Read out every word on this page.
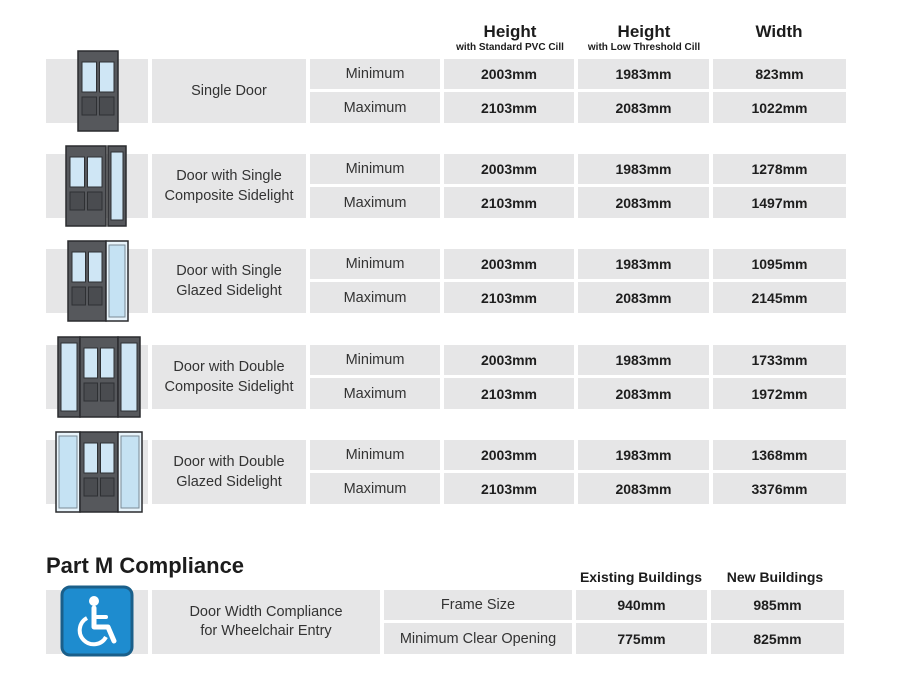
Height
with Standard PVC Cill
Height
with Low Threshold Cill
Width
Single Door
Minimum	2003mm	1983mm	823mm
Maximum	2103mm	2083mm	1022mm
Door with Single
Composite Sidelight
Minimum	2003mm	1983mm	1278mm
Maximum	2103mm	2083mm	1497mm
Door with Single
Glazed Sidelight
Minimum	2003mm	1983mm	1095mm
Maximum	2103mm	2083mm	2145mm
Door with Double
Composite Sidelight
Minimum	2003mm	1983mm	1733mm
Maximum	2103mm	2083mm	1972mm
Door with Double
Glazed Sidelight
Minimum	2003mm	1983mm	1368mm
Maximum	2103mm	2083mm	3376mm
Part M Compliance	Existing Buildings	New Buildings
Door Width Compliance
for Wheelchair Entry
Frame Size	940mm	985mm
Minimum Clear Opening	775mm	825mm
